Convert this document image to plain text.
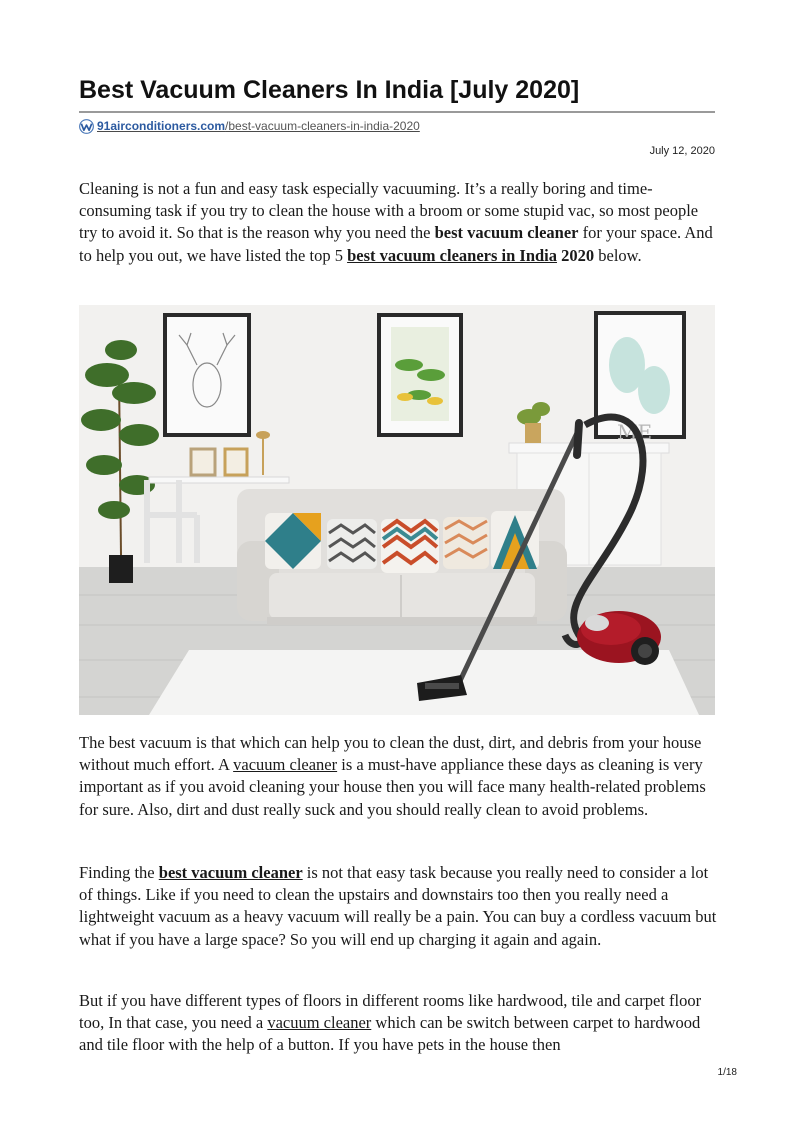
Best Vacuum Cleaners In India [July 2020]
91airconditioners.com/best-vacuum-cleaners-in-india-2020
July 12, 2020

Cleaning is not a fun and easy task especially vacuuming. It’s a really boring and time-consuming task if you try to clean the house with a broom or some stupid vac, so most people try to avoid it. So that is the reason why you need the best vacuum cleaner for your space. And to help you out, we have listed the top 5 best vacuum cleaners in India 2020 below.

ME

The best vacuum is that which can help you to clean the dust, dirt, and debris from your house without much effort. A vacuum cleaner is a must-have appliance these days as cleaning is very important as if you avoid cleaning your house then you will face many health-related problems for sure. Also, dirt and dust really suck and you should really clean to avoid problems.

Finding the best vacuum cleaner is not that easy task because you really need to consider a lot of things. Like if you need to clean the upstairs and downstairs too then you really need a lightweight vacuum as a heavy vacuum will really be a pain. You can buy a cordless vacuum but what if you have a large space? So you will end up charging it again and again.

But if you have different types of floors in different rooms like hardwood, tile and carpet floor too, In that case, you need a vacuum cleaner which can be switch between carpet to hardwood and tile floor with the help of a button. If you have pets in the house then

1/18
